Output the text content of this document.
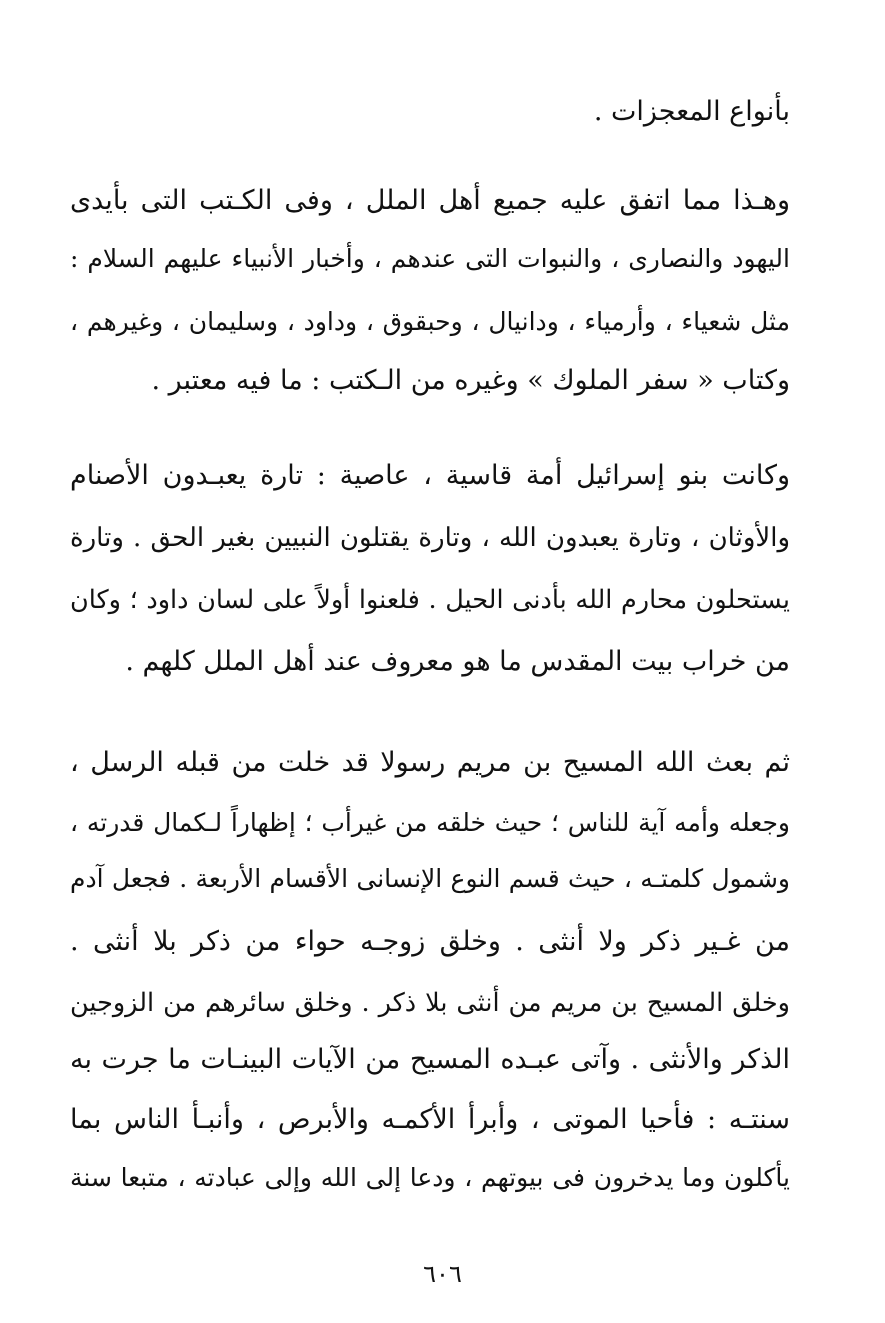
بأنواع المعجزات .
وهـذا مما اتفق عليه جميع أهل الملل ، وفى الكـتب التى بأيدى
اليهود والنصارى ، والنبوات التى عندهم ، وأخبار الأنبياء عليهم السلام :
مثل شعياء ، وأرمياء ، ودانيال ، وحبقوق ، وداود ، وسليمان ، وغيرهم ،
وكتاب « سفر الملوك » وغيره من الـكتب : ما فيه معتبر .
وكانت بنو إسرائيل أمة قاسية ، عاصية : تارة يعبـدون الأصنام
والأوثان ، وتارة يعبدون الله ، وتارة يقتلون النبيين بغير الحق . وتارة
يستحلون محارم الله بأدنى الحيل . فلعنوا أولاً على لسان داود ؛ وكان
من خراب بيت المقدس ما هو معروف عند أهل الملل كلهم .
ثم بعث الله المسيح بن مريم رسولا قد خلت من قبله الرسل ،
وجعله وأمه آية للناس ؛ حيث خلقه من غيرأب ؛ إظهاراً لـكمال قدرته ،
وشمول كلمتـه ، حيث قسم النوع الإنسانى الأقسام الأربعة . فجعل آدم
من غـير ذكر ولا أنثى . وخلق زوجـه حواء من ذكر بلا أنثى .
وخلق المسيح بن مريم من أنثى بلا ذكر . وخلق سائرهم من الزوجين
الذكر والأنثى . وآتى عبـده المسيح من الآيات البينـات ما جرت به
سنتـه : فأحيا الموتى ، وأبرأ الأكمـه والأبرص ، وأنبـأ الناس بما
يأكلون وما يدخرون فى بيوتهم ، ودعا إلى الله وإلى عبادته ، متبعا سنة
٦٠٦
